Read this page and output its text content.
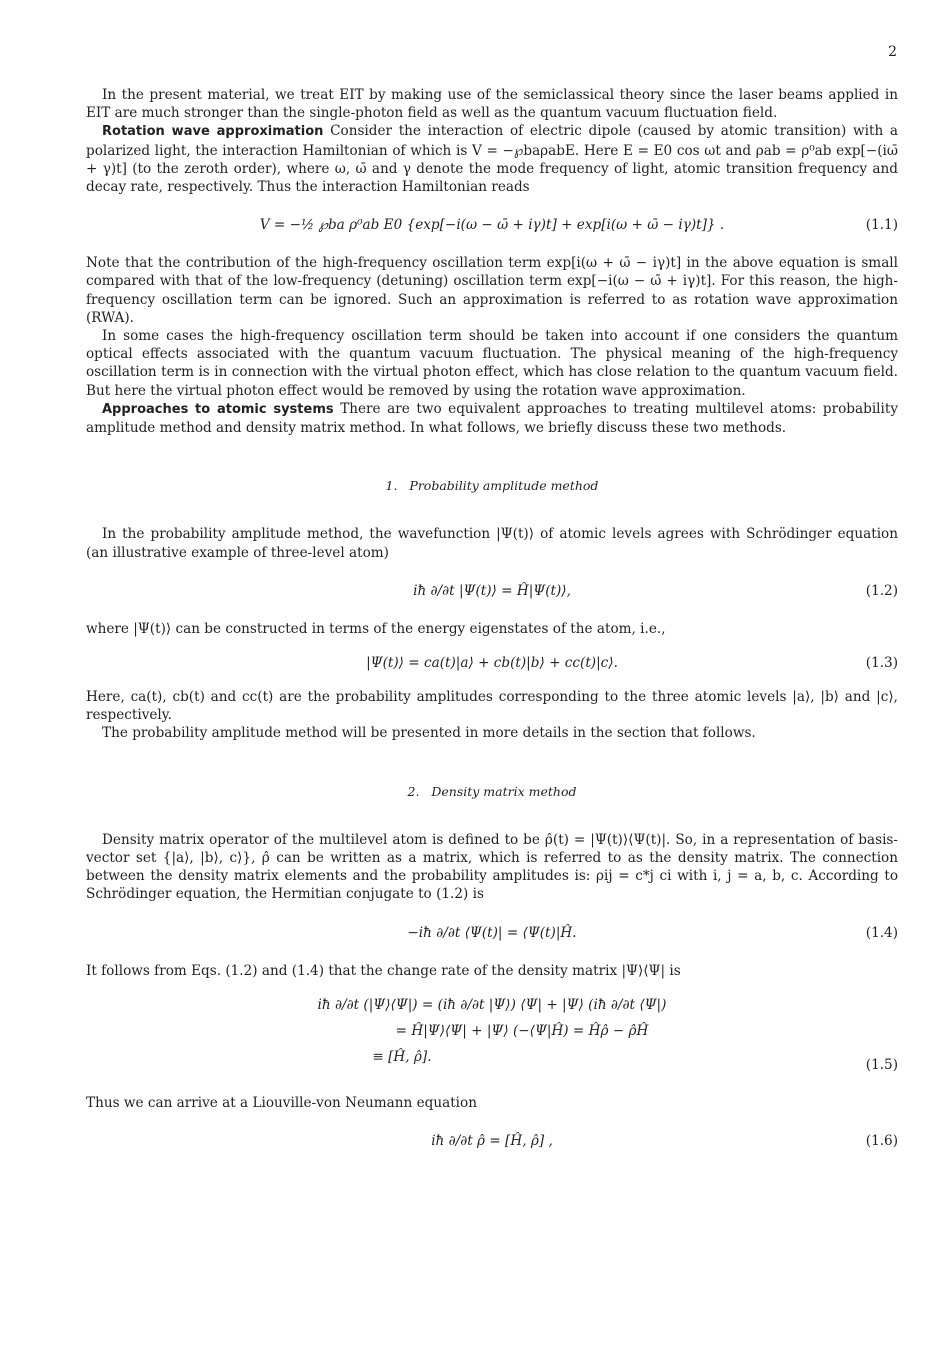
2

In the present material, we treat EIT by making use of the semiclassical theory since the laser beams applied in EIT are much stronger than the single-photon field as well as the quantum vacuum fluctuation field.

Rotation wave approximation Consider the interaction of electric dipole (caused by atomic transition) with a polarized light, the interaction Hamiltonian of which is V = −℘baρabE. Here E = E0 cos ωt and ρab = ρ⁰ab exp[−(iω̄ + γ)t] (to the zeroth order), where ω, ω̄ and γ denote the mode frequency of light, atomic transition frequency and decay rate, respectively. Thus the interaction Hamiltonian reads

V = −½ ℘ba ρ⁰ab E0 {exp[−i(ω − ω̄ + iγ)t] + exp[i(ω + ω̄ − iγ)t]} .	(1.1)

Note that the contribution of the high-frequency oscillation term exp[i(ω + ω̄ − iγ)t] in the above equation is small compared with that of the low-frequency (detuning) oscillation term exp[−i(ω − ω̄ + iγ)t]. For this reason, the high-frequency oscillation term can be ignored. Such an approximation is referred to as rotation wave approximation (RWA).

In some cases the high-frequency oscillation term should be taken into account if one considers the quantum optical effects associated with the quantum vacuum fluctuation. The physical meaning of the high-frequency oscillation term is in connection with the virtual photon effect, which has close relation to the quantum vacuum field. But here the virtual photon effect would be removed by using the rotation wave approximation.

Approaches to atomic systems There are two equivalent approaches to treating multilevel atoms: probability amplitude method and density matrix method. In what follows, we briefly discuss these two methods.

1. Probability amplitude method

In the probability amplitude method, the wavefunction |Ψ(t)⟩ of atomic levels agrees with Schrödinger equation (an illustrative example of three-level atom)

iħ ∂/∂t |Ψ(t)⟩ = Ĥ|Ψ(t)⟩,	(1.2)

where |Ψ(t)⟩ can be constructed in terms of the energy eigenstates of the atom, i.e.,

|Ψ(t)⟩ = ca(t)|a⟩ + cb(t)|b⟩ + cc(t)|c⟩.	(1.3)

Here, ca(t), cb(t) and cc(t) are the probability amplitudes corresponding to the three atomic levels |a⟩, |b⟩ and |c⟩, respectively.

The probability amplitude method will be presented in more details in the section that follows.

2. Density matrix method

Density matrix operator of the multilevel atom is defined to be ρ̂(t) = |Ψ(t)⟩⟨Ψ(t)|. So, in a representation of basis-vector set {|a⟩, |b⟩, c⟩}, ρ̂ can be written as a matrix, which is referred to as the density matrix. The connection between the density matrix elements and the probability amplitudes is: ρij = c*j ci with i, j = a, b, c. According to Schrödinger equation, the Hermitian conjugate to (1.2) is

−iħ ∂/∂t ⟨Ψ(t)| = ⟨Ψ(t)|Ĥ.	(1.4)

It follows from Eqs. (1.2) and (1.4) that the change rate of the density matrix |Ψ⟩⟨Ψ| is

iħ ∂/∂t (|Ψ⟩⟨Ψ|) = (iħ ∂/∂t |Ψ⟩) ⟨Ψ| + |Ψ⟩ (iħ ∂/∂t ⟨Ψ|)
= Ĥ|Ψ⟩⟨Ψ| + |Ψ⟩ (−⟨Ψ|Ĥ) = Ĥρ̂ − ρ̂Ĥ
≡ [Ĥ, ρ̂].	(1.5)

Thus we can arrive at a Liouville-von Neumann equation

iħ ∂/∂t ρ̂ = [Ĥ, ρ̂] ,	(1.6)
